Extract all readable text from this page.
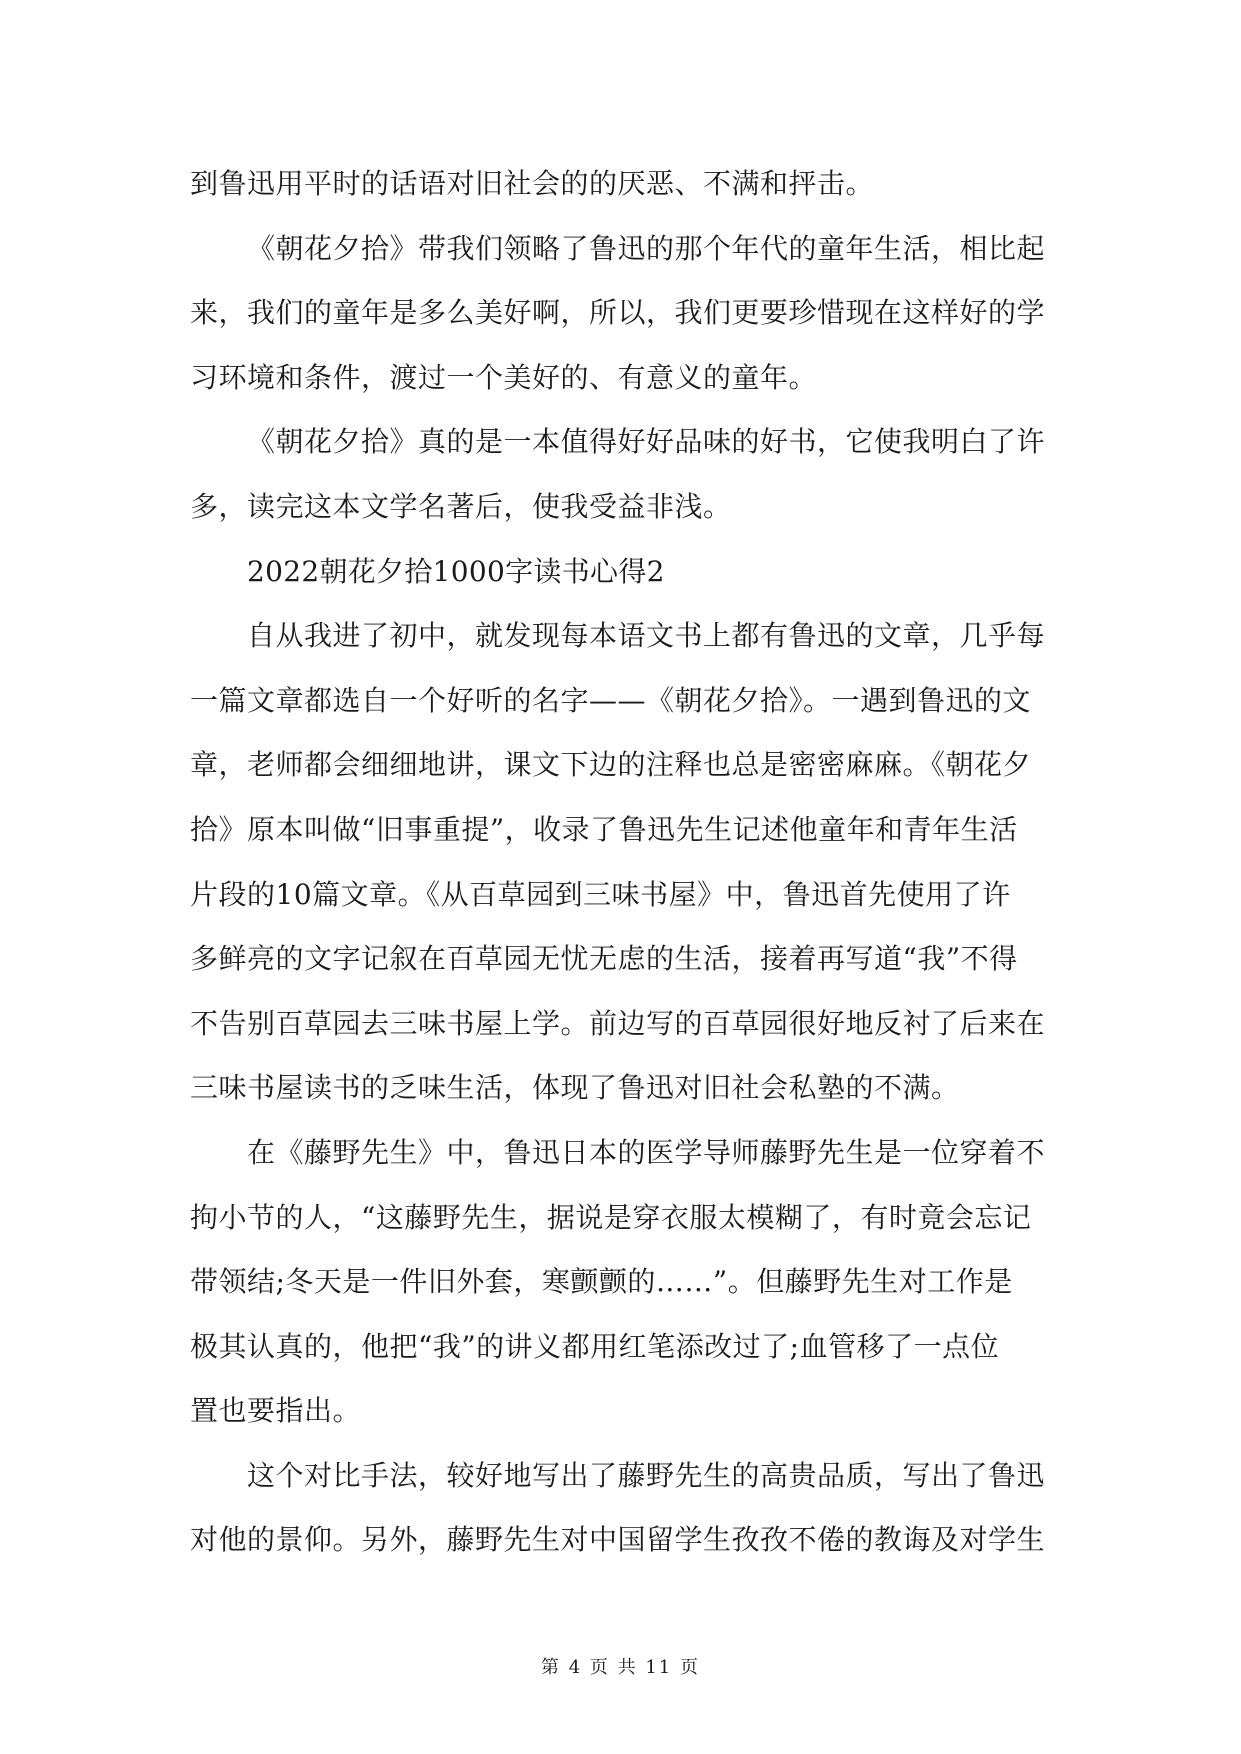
到鲁迅用平时的话语对旧社会的的厌恶、不满和抨击。
《朝花夕拾》带我们领略了鲁迅的那个年代的童年生活，相比起
来，我们的童年是多么美好啊，所以，我们更要珍惜现在这样好的学
习环境和条件，渡过一个美好的、有意义的童年。
《朝花夕拾》真的是一本值得好好品味的好书，它使我明白了许
多，读完这本文学名著后，使我受益非浅。
2022朝花夕拾1000字读书心得2
自从我进了初中，就发现每本语文书上都有鲁迅的文章，几乎每
一篇文章都选自一个好听的名字——《朝花夕拾》。一遇到鲁迅的文
章，老师都会细细地讲，课文下边的注释也总是密密麻麻。《朝花夕
拾》原本叫做“旧事重提”，收录了鲁迅先生记述他童年和青年生活
片段的10篇文章。《从百草园到三味书屋》中，鲁迅首先使用了许
多鲜亮的文字记叙在百草园无忧无虑的生活，接着再写道“我”不得
不告别百草园去三味书屋上学。前边写的百草园很好地反衬了后来在
三味书屋读书的乏味生活，体现了鲁迅对旧社会私塾的不满。
在《藤野先生》中，鲁迅日本的医学导师藤野先生是一位穿着不
拘小节的人，“这藤野先生，据说是穿衣服太模糊了，有时竟会忘记
带领结;冬天是一件旧外套，寒颤颤的……”。但藤野先生对工作是
极其认真的，他把“我”的讲义都用红笔添改过了;血管移了一点位
置也要指出。
这个对比手法，较好地写出了藤野先生的高贵品质，写出了鲁迅
对他的景仰。另外，藤野先生对中国留学生孜孜不倦的教诲及对学生
第 4 页 共 11 页
